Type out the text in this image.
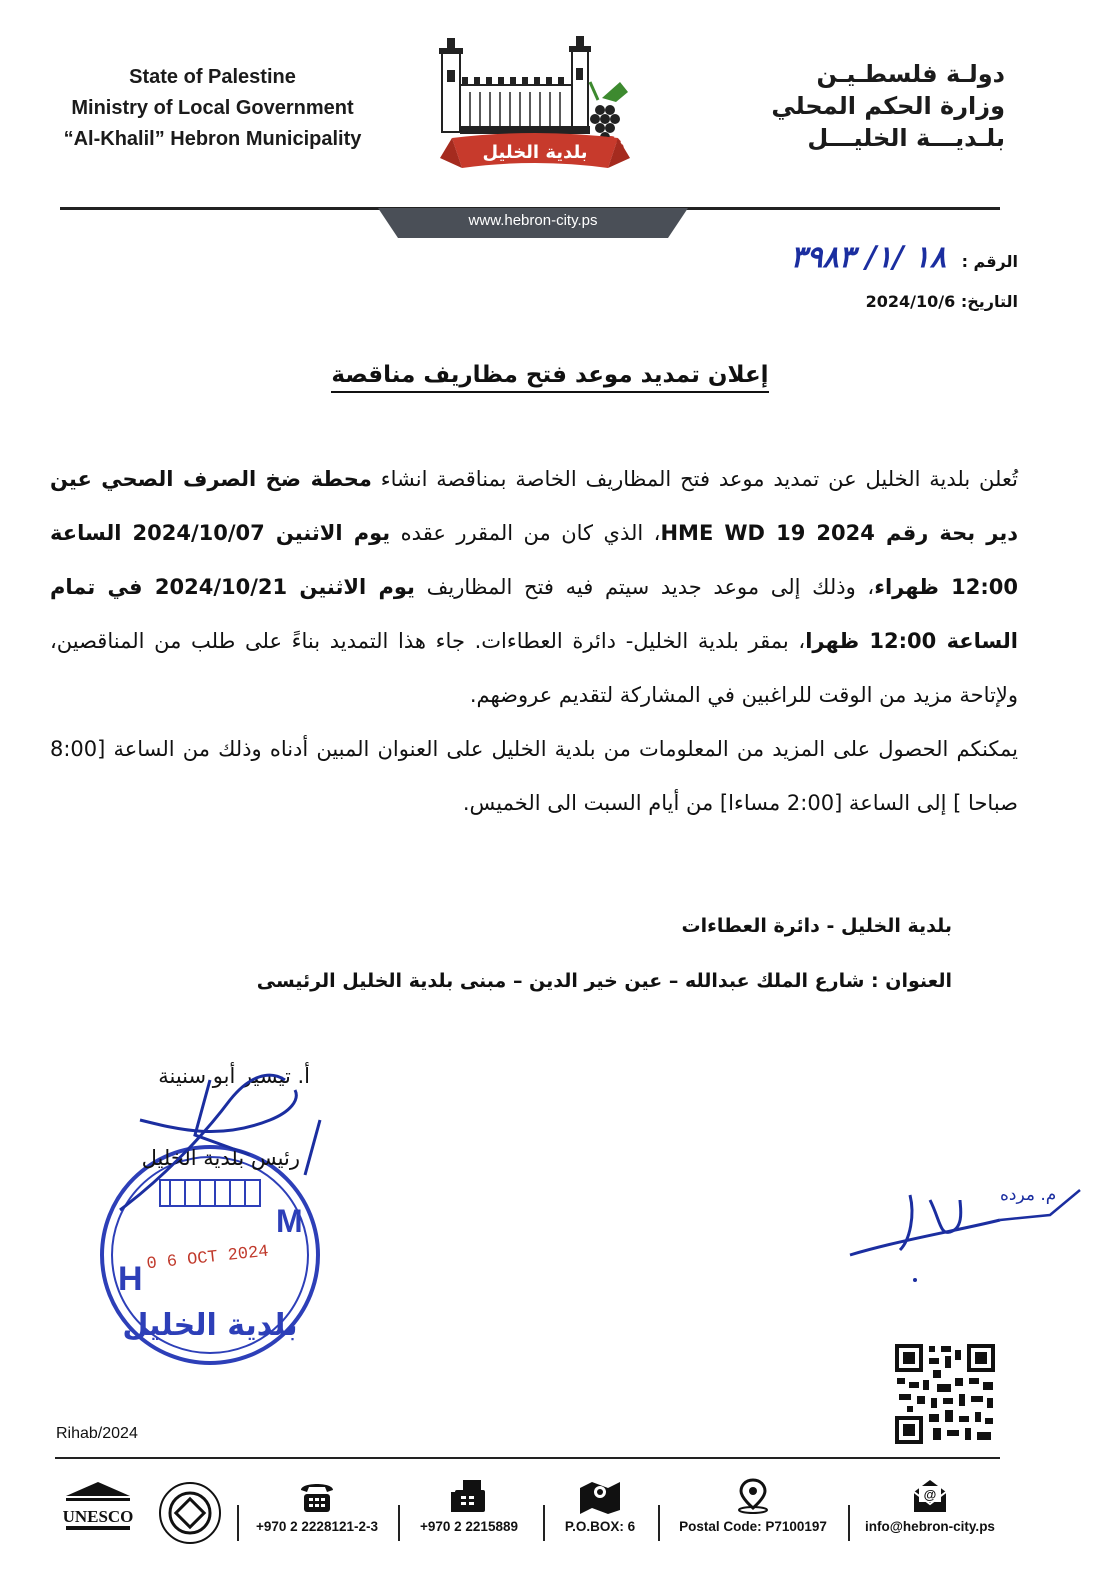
State of Palestine
Ministry of Local Government
“Al-Khalil” Hebron Municipality
دولـة فلسطـيـن
وزارة الحكم المحلي
بلـديـــة الخليـــل
بلدية الخليل
www.hebron-city.ps
الرقم : ١٨ /١/ ٣٩٨٣
التاريخ: 2024/10/6
إعلان تمديد موعد فتح مظاريف مناقصة

تُعلن بلدية الخليل عن تمديد موعد فتح المظاريف الخاصة بمناقصة انشاء محطة ضخ الصرف الصحي عين دير بحة رقم HME WD 19 2024، الذي كان من المقرر عقده يوم الاثنين 2024/10/07 الساعة 12:00 ظهراء، وذلك إلى موعد جديد سيتم فيه فتح المظاريف يوم الاثنين 2024/10/21 في تمام الساعة 12:00 ظهرا، بمقر بلدية الخليل- دائرة العطاءات. جاء هذا التمديد بناءً على طلب من المناقصين، ولإتاحة مزيد من الوقت للراغبين في المشاركة لتقديم عروضهم.

يمكنكم الحصول على المزيد من المعلومات من بلدية الخليل على العنوان المبين أدناه وذلك من الساعة [8:00 صباحا ] إلى الساعة [2:00 مساءا] من أيام السبت الى الخميس.

بلدية الخليل - دائرة العطاءات
العنوان : شارع الملك عبدالله – عين خير الدين – مبنى بلدية الخليل الرئيسى
H
M
0 6 OCT 2024
بلدية الخليل
أ. تيسير أبو سنينة
رئيس بلدية الخليل
م. مرده
Rihab/2024
UNESCO
+970 2 2228121-2-3	+970 2 2215889	P.O.BOX: 6	Postal Code: P7100197
@
info@hebron-city.ps
